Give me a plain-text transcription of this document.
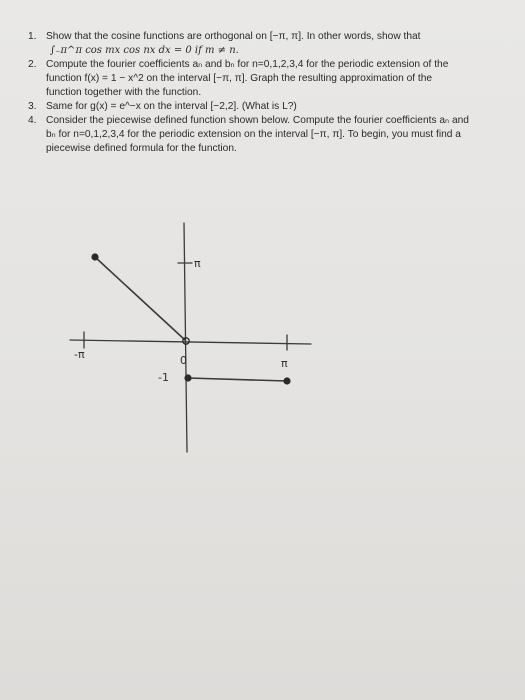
1. Show that the cosine functions are orthogonal on [−π, π]. In other words, show that
∫₋π^π cos mx cos nx dx = 0 if m ≠ n.
2. Compute the fourier coefficients aₙ and bₙ for n=0,1,2,3,4 for the periodic extension of the
function f(x) = 1 − x^2 on the interval [−π, π]. Graph the resulting approximation of the
function together with the function.
3. Same for g(x) = e^−x on the interval [−2,2]. (What is L?)
4. Consider the piecewise defined function shown below. Compute the fourier coefficients aₙ and
bₙ for n=0,1,2,3,4 for the periodic extension on the interval [−π, π]. To begin, you must find a
piecewise defined formula for the function.
π
-π	0
-1
π
